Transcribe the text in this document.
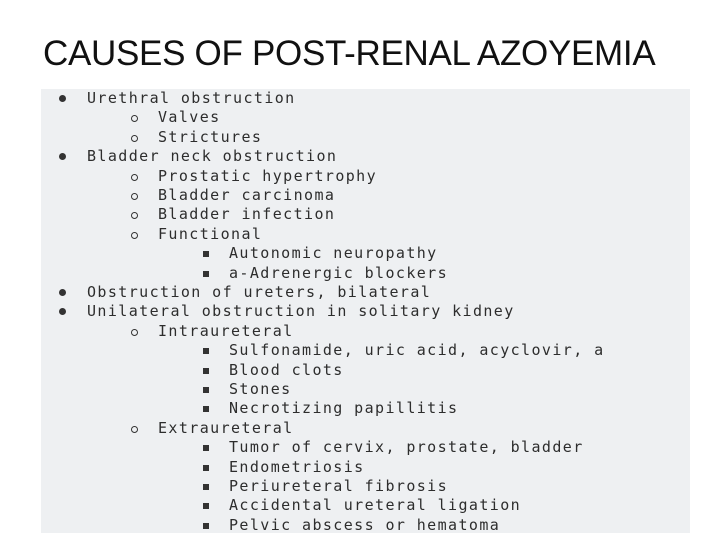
CAUSES OF POST-RENAL AZOYEMIA
Urethral obstruction
Valves
Strictures
Bladder neck obstruction
Prostatic hypertrophy
Bladder carcinoma
Bladder infection
Functional
Autonomic neuropathy
a-Adrenergic blockers
Obstruction of ureters, bilateral
Unilateral obstruction in solitary kidney
Intraureteral
Sulfonamide, uric acid, acyclovir, a
Blood clots
Stones
Necrotizing papillitis
Extraureteral
Tumor of cervix, prostate, bladder
Endometriosis
Periureteral fibrosis
Accidental ureteral ligation
Pelvic abscess or hematoma
